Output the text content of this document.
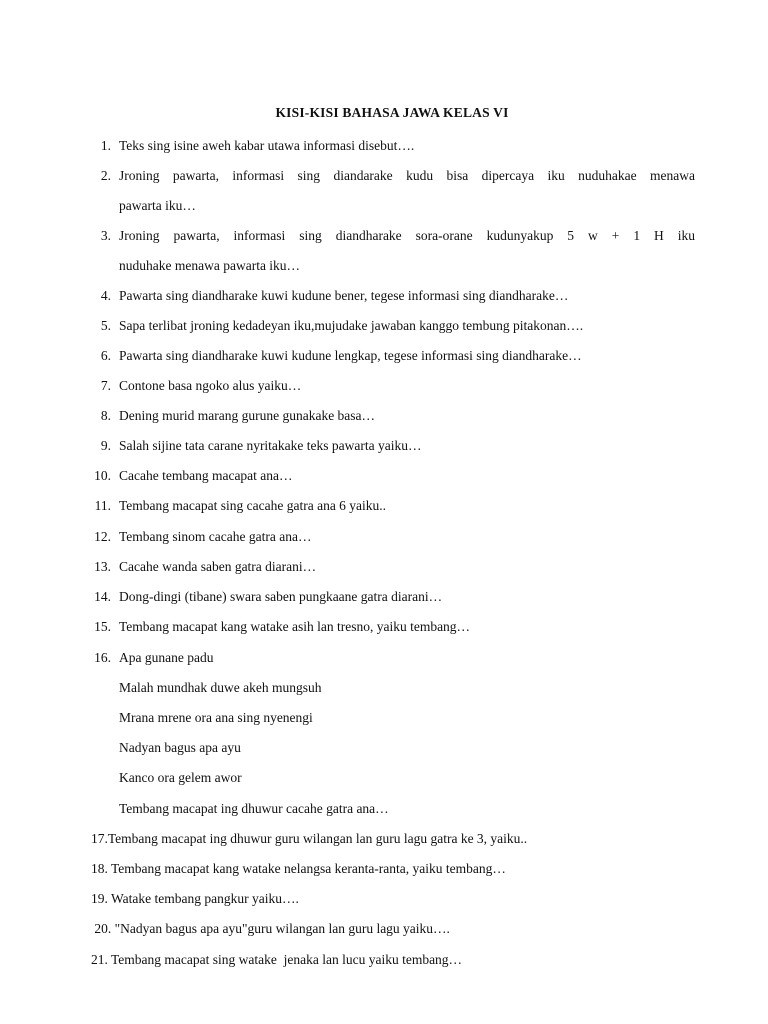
KISI-KISI BAHASA JAWA KELAS VI
1. Teks sing isine aweh kabar utawa informasi disebut….
2. Jroning pawarta, informasi sing diandarake kudu bisa dipercaya iku nuduhakae menawa
pawarta iku…
3. Jroning pawarta, informasi sing diandharake sora-orane kudunyakup 5 w + 1 H iku
nuduhake menawa pawarta iku…
4. Pawarta sing diandharake kuwi kudune bener, tegese informasi sing diandharake…
5. Sapa terlibat jroning kedadeyan iku,mujudake jawaban kanggo tembung pitakonan….
6. Pawarta sing diandharake kuwi kudune lengkap, tegese informasi sing diandharake…
7. Contone basa ngoko alus yaiku…
8. Dening murid marang gurune gunakake basa…
9. Salah sijine tata carane nyritakake teks pawarta yaiku…
10. Cacahe tembang macapat ana…
11. Tembang macapat sing cacahe gatra ana 6 yaiku..
12. Tembang sinom cacahe gatra ana…
13. Cacahe wanda saben gatra diarani…
14. Dong-dingi (tibane) swara saben pungkaane gatra diarani…
15. Tembang macapat kang watake asih lan tresno, yaiku tembang…
16. Apa gunane padu
Malah mundhak duwe akeh mungsuh
Mrana mrene ora ana sing nyenengi
Nadyan bagus apa ayu
Kanco ora gelem awor
Tembang macapat ing dhuwur cacahe gatra ana…
17.Tembang macapat ing dhuwur guru wilangan lan guru lagu gatra ke 3, yaiku..
18. Tembang macapat kang watake nelangsa keranta-ranta, yaiku tembang…
19. Watake tembang pangkur yaiku….
20. "Nadyan bagus apa ayu"guru wilangan lan guru lagu yaiku….
21. Tembang macapat sing watake  jenaka lan lucu yaiku tembang…
